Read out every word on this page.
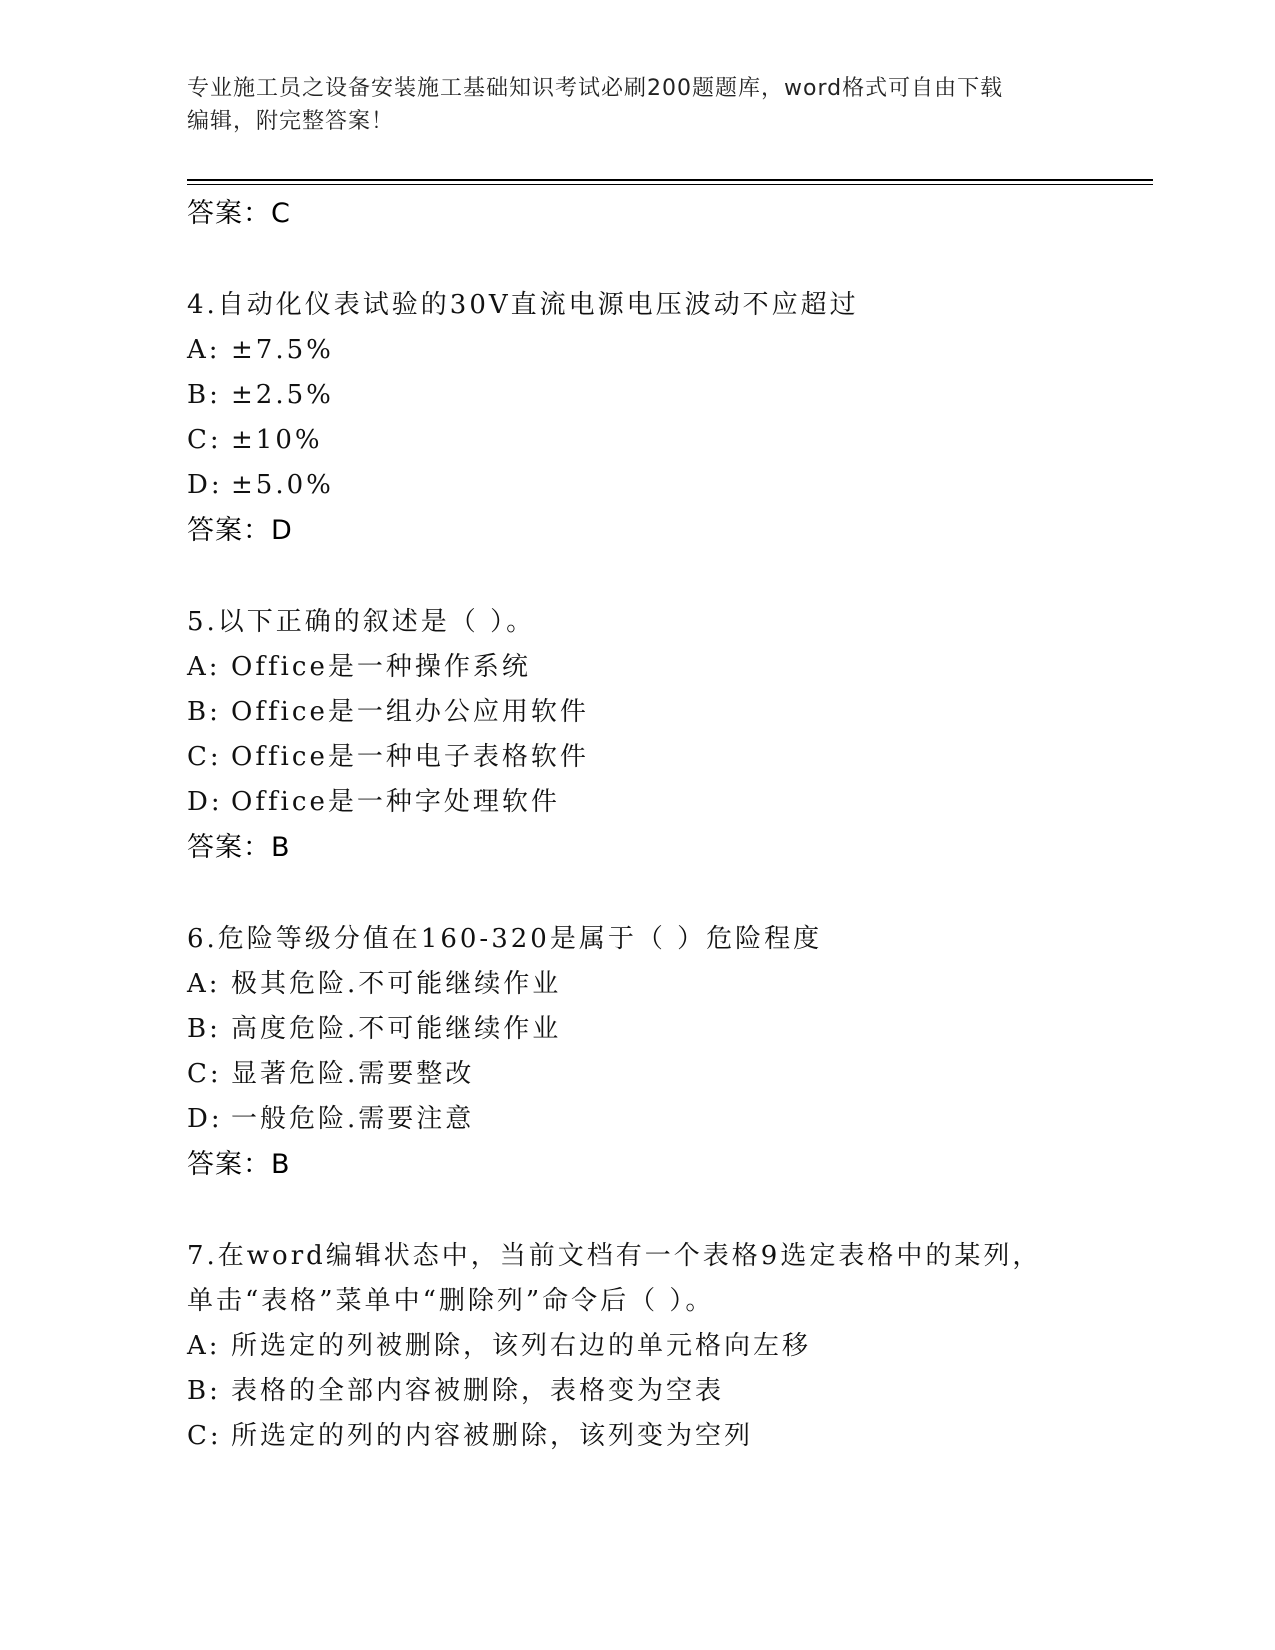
专业施工员之设备安装施工基础知识考试必刷200题题库，word格式可自由下载
编辑，附完整答案！
答案：C
4.自动化仪表试验的30V直流电源电压波动不应超过
A: ±7.5%
B: ±2.5%
C: ±10%
D: ±5.0%
答案：D
5.以下正确的叙述是（ ）。
A: Office是一种操作系统
B: Office是一组办公应用软件
C: Office是一种电子表格软件
D: Office是一种字处理软件
答案：B
6.危险等级分值在160-320是属于（ ）危险程度
A: 极其危险.不可能继续作业
B: 高度危险.不可能继续作业
C: 显著危险.需要整改
D: 一般危险.需要注意
答案：B
7.在word编辑状态中，当前文档有一个表格9选定表格中的某列，单击“表格”菜单中“删除列”命令后（ ）。
A: 所选定的列被删除，该列右边的单元格向左移
B: 表格的全部内容被删除，表格变为空表
C: 所选定的列的内容被删除，该列变为空列
